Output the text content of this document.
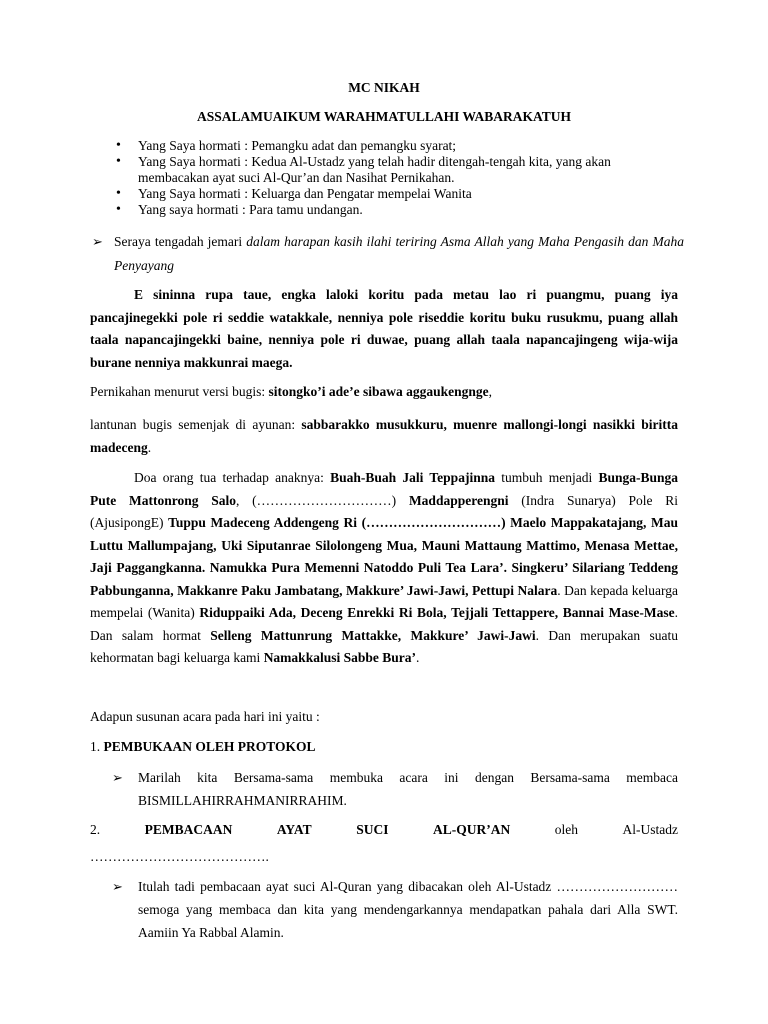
MC NIKAH
ASSALAMUAIKUM WARAHMATULLAHI WABARAKATUH
• Yang Saya hormati : Pemangku adat dan pemangku syarat;
• Yang Saya hormati : Kedua Al-Ustadz yang telah hadir ditengah-tengah kita, yang akan membacakan ayat suci Al-Qur’an dan Nasihat Pernikahan.
• Yang Saya hormati : Keluarga dan Pengatar mempelai Wanita
• Yang saya hormati : Para tamu undangan.
➢ Seraya tengadah jemari dalam harapan kasih ilahi teriring Asma Allah yang Maha Pengasih dan Maha Penyayang
E sininna rupa taue, engka laloki koritu pada metau lao ri puangmu, puang iya pancajinegekki pole ri seddie watakkale, nenniya pole riseddie koritu buku rusukmu, puang allah taala napancajingekki baine, nenniya pole ri duwae, puang allah taala napancajingeng wija-wija burane nenniya makkunrai maega.
Pernikahan menurut versi bugis: sitongko’i ade’e sibawa aggaukengnge,
lantunan bugis semenjak di ayunan: sabbarakko musukkuru, muenre mallongi-longi nasikki biritta madeceng.
Doa orang tua terhadap anaknya: Buah-Buah Jali Teppajinna tumbuh menjadi Bunga-Bunga Pute Mattonrong Salo, (…………………………) Maddapperengni (Indra Sunarya) Pole Ri (AjusipongE) Tuppu Madeceng Addengeng Ri (…………………………) Maelo Mappakatajang, Mau Luttu Mallumpajang, Uki Siputanrae Silolongeng Mua, Mauni Mattaung Mattimo, Menasa Mettae, Jaji Paggangkanna. Namukka Pura Memenni Natoddo Puli Tea Lara’. Singkeru’ Silariang Teddeng Pabbunganna, Makkanre Paku Jambatang, Makkure’ Jawi-Jawi, Pettupi Nalara. Dan kepada keluarga mempelai (Wanita) Riduppaiki Ada, Deceng Enrekki Ri Bola, Tejjali Tettappere, Bannai Mase-Mase. Dan salam hormat Selleng Mattunrung Mattakke, Makkure’ Jawi-Jawi. Dan merupakan suatu kehormatan bagi keluarga kami Namakkalusi Sabbe Bura’.
Adapun susunan acara pada hari ini yaitu :
1. PEMBUKAAN OLEH PROTOKOL
➢ Marilah kita Bersama-sama membuka acara ini dengan Bersama-sama membaca BISMILLAHIRRAHMANIRRAHIM.
2.	PEMBACAAN	AYAT	SUCI	AL-QUR’AN	oleh	Al-Ustadz
………………………………….
➢ Itulah tadi pembacaan ayat suci Al-Quran yang dibacakan oleh Al-Ustadz ……………………… semoga yang membaca dan kita yang mendengarkannya mendapatkan pahala dari Alla SWT. Aamiin Ya Rabbal Alamin.
